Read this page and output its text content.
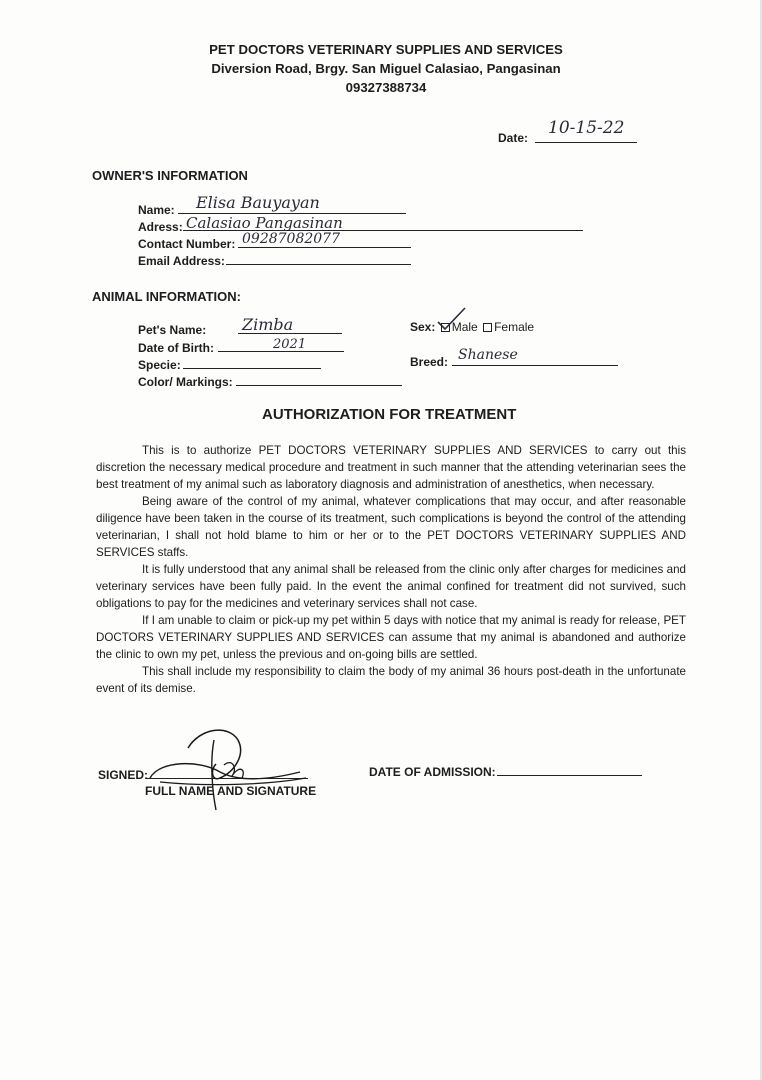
PET DOCTORS VETERINARY SUPPLIES AND SERVICES
Diversion Road, Brgy. San Miguel Calasiao, Pangasinan
09327388734
Date: 10-15-22
OWNER'S INFORMATION
Name: Elisa Bauyayan
Adress: Calasiao Pangasinan
Contact Number: 09287082077
Email Address:
ANIMAL INFORMATION:
Pet's Name: Zimba
Date of Birth:	2021
Specie:
Color/ Markings:
Sex: Male Female
Breed: Shanese
AUTHORIZATION FOR TREATMENT

This is to authorize PET DOCTORS VETERINARY SUPPLIES AND SERVICES to carry out this discretion the necessary medical procedure and treatment in such manner that the attending veterinarian sees the best treatment of my animal such as laboratory diagnosis and administration of anesthetics, when necessary.

Being aware of the control of my animal, whatever complications that may occur, and after reasonable diligence have been taken in the course of its treatment, such complications is beyond the control of the attending veterinarian, I shall not hold blame to him or her or to the PET DOCTORS VETERINARY SUPPLIES AND SERVICES staffs.

It is fully understood that any animal shall be released from the clinic only after charges for medicines and veterinary services have been fully paid. In the event the animal confined for treatment did not survived, such obligations to pay for the medicines and veterinary services shall not case.

If I am unable to claim or pick-up my pet within 5 days with notice that my animal is ready for release, PET DOCTORS VETERINARY SUPPLIES AND SERVICES can assume that my animal is abandoned and authorize the clinic to own my pet, unless the previous and on-going bills are settled.

This shall include my responsibility to claim the body of my animal 36 hours post-death in the unfortunate event of its demise.

SIGNED:
FULL NAME AND SIGNATURE
DATE OF ADMISSION:
